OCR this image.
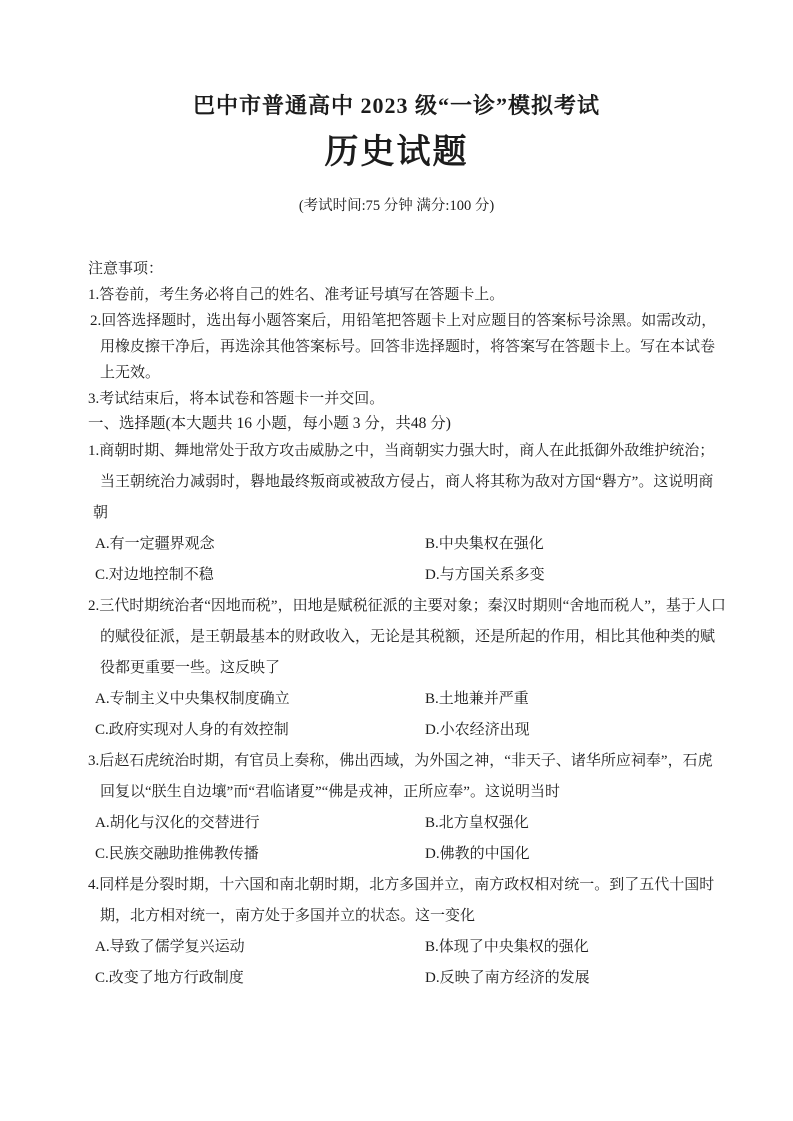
巴中市普通高中 2023 级“一诊”模拟考试
历史试题
(考试时间:75 分钟 满分:100 分)
注意事项：
1.答卷前，考生务必将自己的姓名、准考证号填写在答题卡上。
2.回答选择题时，选出每小题答案后，用铅笔把答题卡上对应题目的答案标号涂黑。如需改动，
用橡皮擦干净后，再选涂其他答案标号。回答非选择题时，将答案写在答题卡上。写在本试卷
上无效。
3.考试结束后，将本试卷和答题卡一并交回。
一、选择题(本大题共 16 小题，每小题 3 分，共48 分)
1.商朝时期、舞地常处于敌方攻击威胁之中，当商朝实力强大时，商人在此抵御外敌维护统治；
当王朝统治力减弱时，礜地最终叛商或被敌方侵占，商人将其称为敌对方国“礜方”。这说明商
朝
A.有一定疆界观念	B.中央集权在强化
C.对边地控制不稳	D.与方国关系多变
2.三代时期统治者“因地而税”，田地是赋税征派的主要对象；秦汉时期则“舍地而税人”，基于人口
的赋役征派，是王朝最基本的财政收入，无论是其税额，还是所起的作用，相比其他种类的赋
役都更重要一些。这反映了
A.专制主义中央集权制度确立	B.土地兼并严重
C.政府实现对人身的有效控制	D.小农经济出现
3.后赵石虎统治时期，有官员上奏称，佛出西域，为外国之神，“非天子、诸华所应祠奉”，石虎
回复以“朕生自边壤”而“君临诸夏”“佛是戎神，正所应奉”。这说明当时
A.胡化与汉化的交替进行	B.北方皇权强化
C.民族交融助推佛教传播	D.佛教的中国化
4.同样是分裂时期，十六国和南北朝时期，北方多国并立，南方政权相对统一。到了五代十国时
期，北方相对统一，南方处于多国并立的状态。这一变化
A.导致了儒学复兴运动	B.体现了中央集权的强化
C.改变了地方行政制度	D.反映了南方经济的发展
